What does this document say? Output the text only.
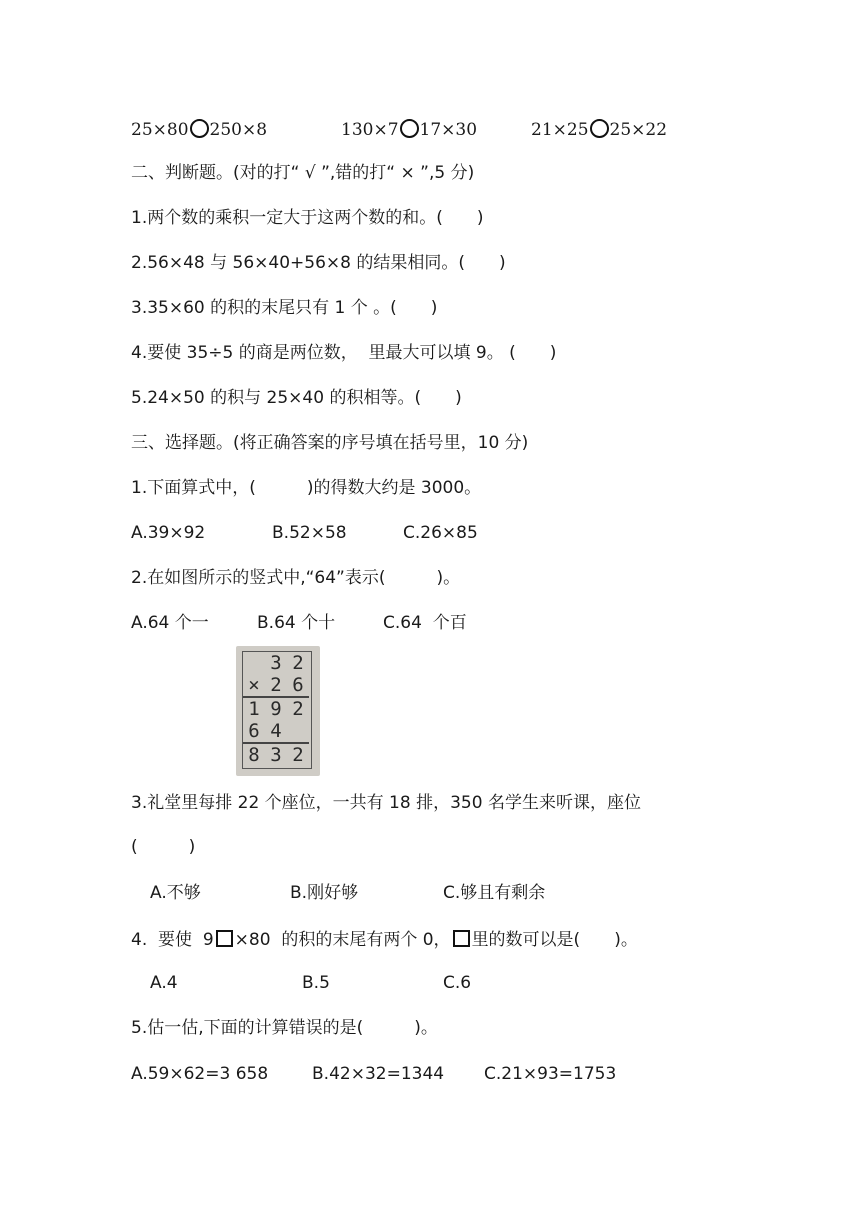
25×80 250×8	130×7 17×30	21×25 25×22
二、判断题。(对的打“ √ ”,错的打“ × ”,5 分)
1.两个数的乘积一定大于这两个数的和。(　　)
2.56×48 与 56×40+56×8 的结果相同。(　　)
3.35×60 的积的末尾只有 1 个 。(　　)
4.要使 35÷5 的商是两位数，  里最大可以填 9。 (　　)
5.24×50 的积与 25×40 的积相等。(　　)
三、选择题。(将正确答案的序号填在括号里，10 分)
1.下面算式中，(　　　)的得数大约是 3000。
A.39×92	B.52×58	C.26×85
2.在如图所示的竖式中,“64”表示(　　　)。
A.64 个一	B.64 个十	C.64  个百
	3	2
×	2	6
1	9	2
6	4	
8	3	2
3.礼堂里每排 22 个座位，一共有 18 排，350 名学生来听课，座位
(　　　)
A.不够	B.刚好够	C.够且有剩余
4.  要使  9 ×80  的积的末尾有两个 0， 里的数可以是(　　)。
A.4	B.5	C.6
5.估一估,下面的计算错误的是(　　　)。
A.59×62=3 658	B.42×32=1344 C.21×93=1753
